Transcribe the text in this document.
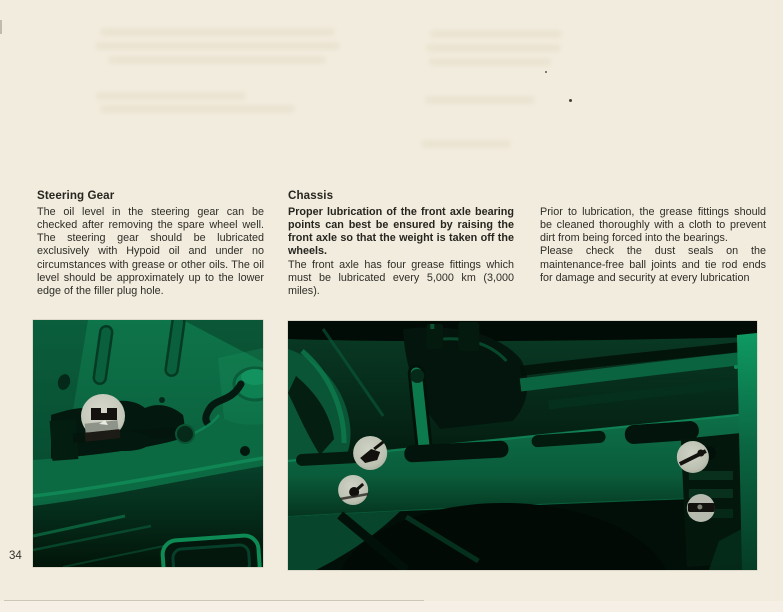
Steering Gear

The oil level in the steering gear can be checked after removing the spare wheel well. The steering gear should be lubricated exclusively with Hypoid oil and under no circumstances with grease or other oils. The oil level should be approximately up to the lower edge of the filler plug hole.

Chassis

Proper lubrication of the front axle bearing points can best be ensured by raising the front axle so that the weight is taken off the wheels.

The front axle has four grease fittings which must be lubricated every 5,000 km (3,000 miles).

Prior to lubrication, the grease fittings should be cleaned thoroughly with a cloth to prevent dirt from being forced into the bearings.

Please check the dust seals on the maintenance-free ball joints and tie rod ends for damage and security at every lubrication

34
